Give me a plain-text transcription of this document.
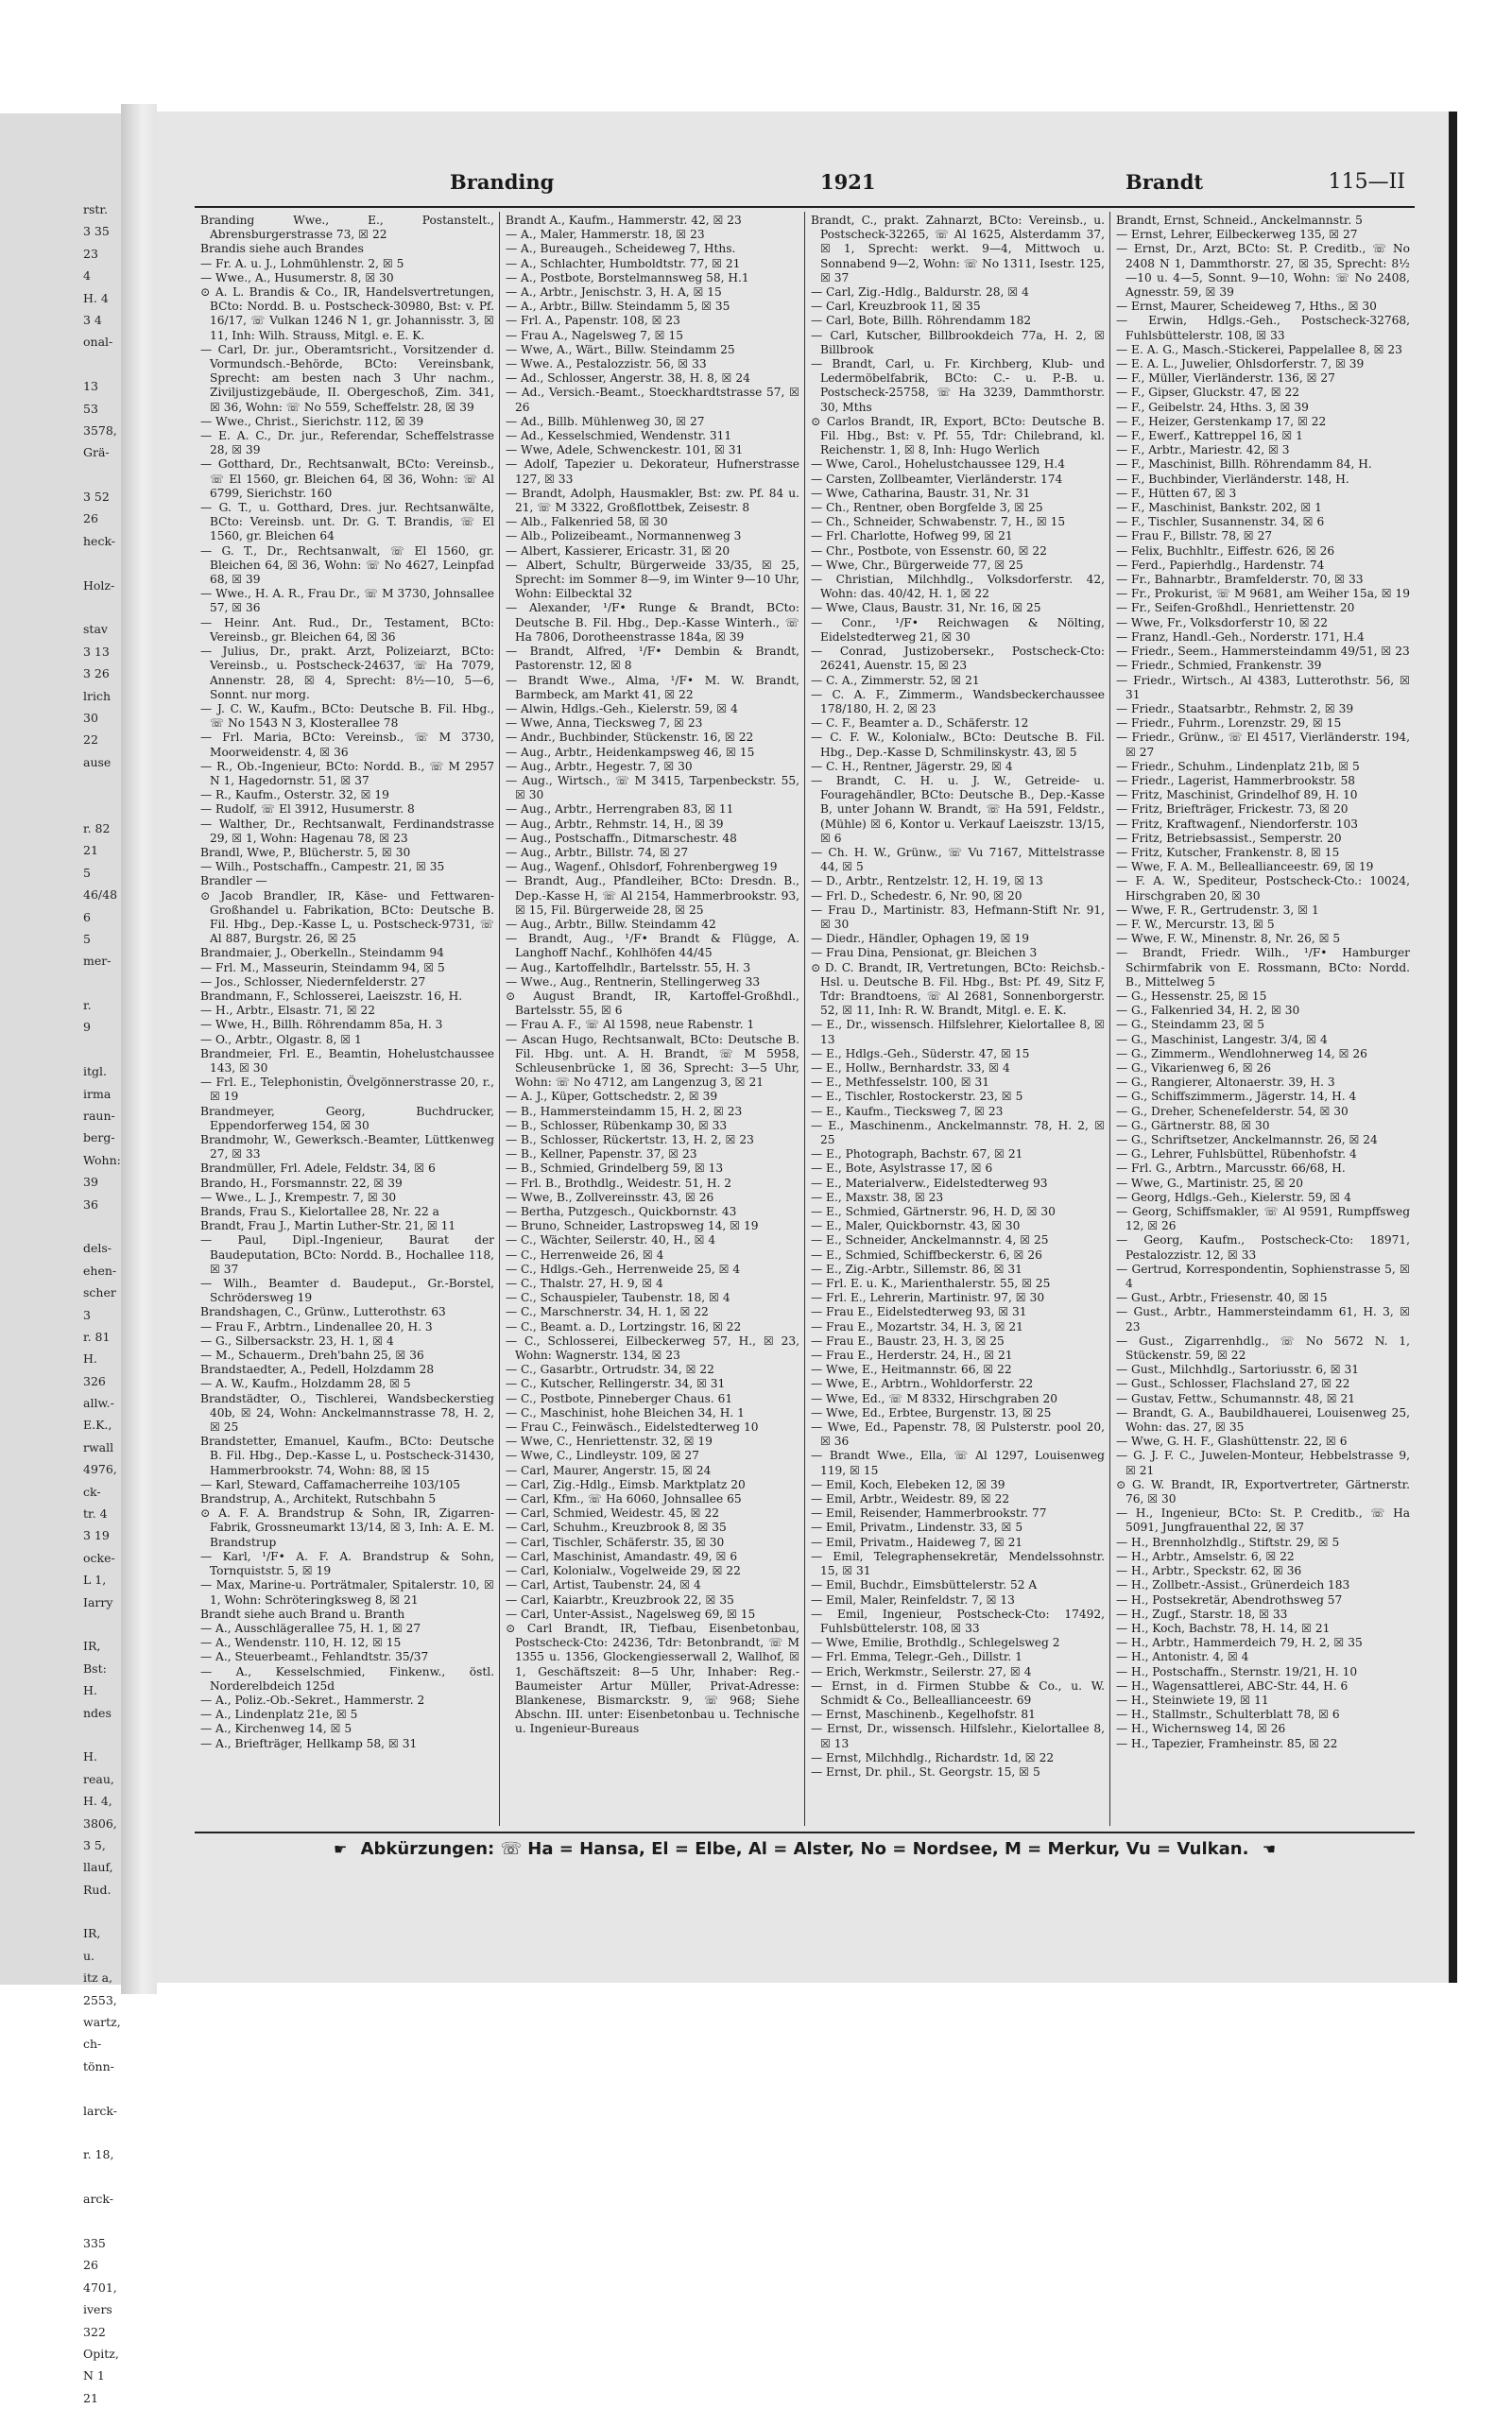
rstr.
3 35
23
4
H. 4
3 4
onal-
13
53
3578,
Grä-
3 52
26
heck-
Holz-
stav
3 13
3 26
lrich
30
22
ause
r. 82
21
5
46/48
6
5
mer-
r.
9
itgl.
irma
raun-
berg-
Wohn:
39
36
dels-
ehen-
scher
3
r. 81
H.
326
allw.-
E.K.,
rwall
4976,
ck-
tr. 4
3 19
ocke-
L 1,
Iarry
IR,
Bst:
H.
ndes
H.
reau,
H. 4,
3806,
3 5,
llauf,
Rud.
IR,
u.
itz a,
2553,
wartz,
ch-
tönn-
larck-
r. 18,
arck-
335
26
4701,
ivers
322
Opitz,
N 1
21
Branding	1921	Brandt	115—II

Branding Wwe., E., Postanstelt., Abrensburgerstrasse 73, ☒ 22

Brandis siehe auch Brandes

— Fr. A. u. J., Lohmühlenstr. 2, ☒ 5

— Wwe., A., Husumerstr. 8, ☒ 30

⊙ A. L. Brandis & Co., IR, Handelsvertretungen, BCto: Nordd. B. u. Postscheck-30980, Bst: v. Pf. 16/17, ☏ Vulkan 1246 N 1, gr. Johannisstr. 3, ☒ 11, Inh: Wilh. Strauss, Mitgl. e. E. K.

— Carl, Dr. jur., Oberamtsricht., Vorsitzender d. Vormundsch.-Behörde, BCto: Vereinsbank, Sprecht: am besten nach 3 Uhr nachm., Ziviljustizgebäude, II. Obergeschoß, Zim. 341, ☒ 36, Wohn: ☏ No 559, Scheffelstr. 28, ☒ 39

— Wwe., Christ., Sierichstr. 112, ☒ 39

— E. A. C., Dr. jur., Referendar, Scheffelstrasse 28, ☒ 39

— Gotthard, Dr., Rechtsanwalt, BCto: Vereinsb., ☏ El 1560, gr. Bleichen 64, ☒ 36, Wohn: ☏ Al 6799, Sierichstr. 160

— G. T., u. Gotthard, Dres. jur. Rechtsanwälte, BCto: Vereinsb. unt. Dr. G. T. Brandis, ☏ El 1560, gr. Bleichen 64

— G. T., Dr., Rechtsanwalt, ☏ El 1560, gr. Bleichen 64, ☒ 36, Wohn: ☏ No 4627, Leinpfad 68, ☒ 39

— Wwe., H. A. R., Frau Dr., ☏ M 3730, Johnsallee 57, ☒ 36

— Heinr. Ant. Rud., Dr., Testament, BCto: Vereinsb., gr. Bleichen 64, ☒ 36

— Julius, Dr., prakt. Arzt, Polizeiarzt, BCto: Vereinsb., u. Postscheck-24637, ☏ Ha 7079, Annenstr. 28, ☒ 4, Sprecht: 8½—10, 5—6, Sonnt. nur morg.

— J. C. W., Kaufm., BCto: Deutsche B. Fil. Hbg., ☏ No 1543 N 3, Klosterallee 78

— Frl. Maria, BCto: Vereinsb., ☏ M 3730, Moorweidenstr. 4, ☒ 36

— R., Ob.-Ingenieur, BCto: Nordd. B., ☏ M 2957 N 1, Hagedornstr. 51, ☒ 37

— R., Kaufm., Osterstr. 32, ☒ 19

— Rudolf, ☏ El 3912, Husumerstr. 8

— Walther, Dr., Rechtsanwalt, Ferdinandstrasse 29, ☒ 1, Wohn: Hagenau 78, ☒ 23

Brandl, Wwe, P., Blücherstr. 5, ☒ 30

— Wilh., Postschaffn., Campestr. 21, ☒ 35

Brandler —

⊙ Jacob Brandler, IR, Käse- und Fettwaren-Großhandel u. Fabrikation, BCto: Deutsche B. Fil. Hbg., Dep.-Kasse L, u. Postscheck-9731, ☏ Al 887, Burgstr. 26, ☒ 25

Brandmaier, J., Oberkelln., Steindamm 94

— Frl. M., Masseurin, Steindamm 94, ☒ 5

— Jos., Schlosser, Niedernfelderstr. 27

Brandmann, F., Schlosserei, Laeiszstr. 16, H.

— H., Arbtr., Elsastr. 71, ☒ 22

— Wwe, H., Billh. Röhrendamm 85a, H. 3

— O., Arbtr., Olgastr. 8, ☒ 1

Brandmeier, Frl. E., Beamtin, Hohelustchaussee 143, ☒ 30

— Frl. E., Telephonistin, Övelgönnerstrasse 20, r., ☒ 19

Brandmeyer, Georg, Buchdrucker, Eppendorferweg 154, ☒ 30

Brandmohr, W., Gewerksch.-Beamter, Lüttkenweg 27, ☒ 33

Brandmüller, Frl. Adele, Feldstr. 34, ☒ 6

Brando, H., Forsmannstr. 22, ☒ 39

— Wwe., L. J., Krempestr. 7, ☒ 30

Brands, Frau S., Kielortallee 28, Nr. 22 a

Brandt, Frau J., Martin Luther-Str. 21, ☒ 11

— Paul, Dipl.-Ingenieur, Baurat der Baudeputation, BCto: Nordd. B., Hochallee 118, ☒ 37

— Wilh., Beamter d. Baudeput., Gr.-Borstel, Schrödersweg 19

Brandshagen, C., Grünw., Lutterothstr. 63

— Frau F., Arbtrn., Lindenallee 20, H. 3

— G., Silbersackstr. 23, H. 1, ☒ 4

— M., Schauerm., Dreh'bahn 25, ☒ 36

Brandstaedter, A., Pedell, Holzdamm 28

— A. W., Kaufm., Holzdamm 28, ☒ 5

Brandstädter, O., Tischlerei, Wandsbeckerstieg 40b, ☒ 24, Wohn: Anckelmannstrasse 78, H. 2, ☒ 25

Brandstetter, Emanuel, Kaufm., BCto: Deutsche B. Fil. Hbg., Dep.-Kasse L, u. Postscheck-31430, Hammerbrookstr. 74, Wohn: 88, ☒ 15

— Karl, Steward, Caffamacherreihe 103/105

Brandstrup, A., Architekt, Rutschbahn 5

⊙ A. F. A. Brandstrup & Sohn, IR, Zigarren-Fabrik, Grossneumarkt 13/14, ☒ 3, Inh: A. E. M. Brandstrup

— Karl, ¹/F• A. F. A. Brandstrup & Sohn, Tornquiststr. 5, ☒ 19

— Max, Marine-u. Porträtmaler, Spitalerstr. 10, ☒ 1, Wohn: Schröteringksweg 8, ☒ 21

Brandt siehe auch Brand u. Branth

— A., Ausschlägerallee 75, H. 1, ☒ 27

— A., Wendenstr. 110, H. 12, ☒ 15

— A., Steuerbeamt., Fehlandtstr. 35/37

— A., Kesselschmied, Finkenw., östl. Norderelbdeich 125d

— A., Poliz.-Ob.-Sekret., Hammerstr. 2

— A., Lindenplatz 21e, ☒ 5

— A., Kirchenweg 14, ☒ 5

— A., Briefträger, Hellkamp 58, ☒ 31

Brandt A., Kaufm., Hammerstr. 42, ☒ 23

— A., Maler, Hammerstr. 18, ☒ 23

— A., Bureaugeh., Scheideweg 7, Hths.

— A., Schlachter, Humboldtstr. 77, ☒ 21

— A., Postbote, Borstelmannsweg 58, H.1

— A., Arbtr., Jenischstr. 3, H. A, ☒ 15

— A., Arbtr., Billw. Steindamm 5, ☒ 35

— Frl. A., Papenstr. 108, ☒ 23

— Frau A., Nagelsweg 7, ☒ 15

— Wwe, A., Wärt., Billw. Steindamm 25

— Wwe. A., Pestalozzistr. 56, ☒ 33

— Ad., Schlosser, Angerstr. 38, H. 8, ☒ 24

— Ad., Versich.-Beamt., Stoeckhardtstrasse 57, ☒ 26

— Ad., Billb. Mühlenweg 30, ☒ 27

— Ad., Kesselschmied, Wendenstr. 311

— Wwe, Adele, Schwenckestr. 101, ☒ 31

— Adolf, Tapezier u. Dekorateur, Hufnerstrasse 127, ☒ 33

— Brandt, Adolph, Hausmakler, Bst: zw. Pf. 84 u. 21, ☏ M 3322, Großflottbek, Zeisestr. 8

— Alb., Falkenried 58, ☒ 30

— Alb., Polizeibeamt., Normannenweg 3

— Albert, Kassierer, Ericastr. 31, ☒ 20

— Albert, Schultr, Bürgerweide 33/35, ☒ 25, Sprecht: im Sommer 8—9, im Winter 9—10 Uhr, Wohn: Eilbecktal 32

— Alexander, ¹/F• Runge & Brandt, BCto: Deutsche B. Fil. Hbg., Dep.-Kasse Winterh., ☏ Ha 7806, Dorotheenstrasse 184a, ☒ 39

— Brandt, Alfred, ¹/F• Dembin & Brandt, Pastorenstr. 12, ☒ 8

— Brandt Wwe., Alma, ¹/F• M. W. Brandt, Barmbeck, am Markt 41, ☒ 22

— Alwin, Hdlgs.-Geh., Kielerstr. 59, ☒ 4

— Wwe, Anna, Tiecksweg 7, ☒ 23

— Andr., Buchbinder, Stückenstr. 16, ☒ 22

— Aug., Arbtr., Heidenkampsweg 46, ☒ 15

— Aug., Arbtr., Hegestr. 7, ☒ 30

— Aug., Wirtsch., ☏ M 3415, Tarpenbeckstr. 55, ☒ 30

— Aug., Arbtr., Herrengraben 83, ☒ 11

— Aug., Arbtr., Rehmstr. 14, H., ☒ 39

— Aug., Postschaffn., Ditmarschestr. 48

— Aug., Arbtr., Billstr. 74, ☒ 27

— Aug., Wagenf., Ohlsdorf, Fohrenbergweg 19

— Brandt, Aug., Pfandleiher, BCto: Dresdn. B., Dep.-Kasse H, ☏ Al 2154, Hammerbrookstr. 93, ☒ 15, Fil. Bürgerweide 28, ☒ 25

— Aug., Arbtr., Billw. Steindamm 42

— Brandt, Aug., ¹/F• Brandt & Flügge, A. Langhoff Nachf., Kohlhöfen 44/45

— Aug., Kartoffelhdlr., Bartelsstr. 55, H. 3

— Wwe., Aug., Rentnerin, Stellingerweg 33

⊙ August Brandt, IR, Kartoffel-Großhdl., Bartelsstr. 55, ☒ 6

— Frau A. F., ☏ Al 1598, neue Rabenstr. 1

— Ascan Hugo, Rechtsanwalt, BCto: Deutsche B. Fil. Hbg. unt. A. H. Brandt, ☏ M 5958, Schleusenbrücke 1, ☒ 36, Sprecht: 3—5 Uhr, Wohn: ☏ No 4712, am Langenzug 3, ☒ 21

— A. J., Küper, Gottschedstr. 2, ☒ 39

— B., Hammersteindamm 15, H. 2, ☒ 23

— B., Schlosser, Rübenkamp 30, ☒ 33

— B., Schlosser, Rückertstr. 13, H. 2, ☒ 23

— B., Kellner, Papenstr. 37, ☒ 23

— B., Schmied, Grindelberg 59, ☒ 13

— Frl. B., Brothdlg., Weidestr. 51, H. 2

— Wwe, B., Zollvereinsstr. 43, ☒ 26

— Bertha, Putzgesch., Quickbornstr. 43

— Bruno, Schneider, Lastropsweg 14, ☒ 19

— C., Wächter, Seilerstr. 40, H., ☒ 4

— C., Herrenweide 26, ☒ 4

— C., Hdlgs.-Geh., Herrenweide 25, ☒ 4

— C., Thalstr. 27, H. 9, ☒ 4

— C., Schauspieler, Taubenstr. 18, ☒ 4

— C., Marschnerstr. 34, H. 1, ☒ 22

— C., Beamt. a. D., Lortzingstr. 16, ☒ 22

— C., Schlosserei, Eilbeckerweg 57, H., ☒ 23, Wohn: Wagnerstr. 134, ☒ 23

— C., Gasarbtr., Ortrudstr. 34, ☒ 22

— C., Kutscher, Rellingerstr. 34, ☒ 31

— C., Postbote, Pinneberger Chaus. 61

— C., Maschinist, hohe Bleichen 34, H. 1

— Frau C., Feinwäsch., Eidelstedterweg 10

— Wwe, C., Henriettenstr. 32, ☒ 19

— Wwe, C., Lindleystr. 109, ☒ 27

— Carl, Maurer, Angerstr. 15, ☒ 24

— Carl, Zig.-Hdlg., Eimsb. Marktplatz 20

— Carl, Kfm., ☏ Ha 6060, Johnsallee 65

— Carl, Schmied, Weidestr. 45, ☒ 22

— Carl, Schuhm., Kreuzbrook 8, ☒ 35

— Carl, Tischler, Schäferstr. 35, ☒ 30

— Carl, Maschinist, Amandastr. 49, ☒ 6

— Carl, Kolonialw., Vogelweide 29, ☒ 22

— Carl, Artist, Taubenstr. 24, ☒ 4

— Carl, Kaiarbtr., Kreuzbrook 22, ☒ 35

— Carl, Unter-Assist., Nagelsweg 69, ☒ 15

⊙ Carl Brandt, IR, Tiefbau, Eisenbetonbau, Postscheck-Cto: 24236, Tdr: Betonbrandt, ☏ M 1355 u. 1356, Glockengiesserwall 2, Wallhof, ☒ 1, Geschäftszeit: 8—5 Uhr, Inhaber: Reg.-Baumeister Artur Müller, Privat-Adresse: Blankenese, Bismarckstr. 9, ☏ 968; Siehe Abschn. III. unter: Eisenbetonbau u. Technische u. Ingenieur-Bureaus

Brandt, C., prakt. Zahnarzt, BCto: Vereinsb., u. Postscheck-32265, ☏ Al 1625, Alsterdamm 37, ☒ 1, Sprecht: werkt. 9—4, Mittwoch u. Sonnabend 9—2, Wohn: ☏ No 1311, Isestr. 125, ☒ 37

— Carl, Zig.-Hdlg., Baldurstr. 28, ☒ 4

— Carl, Kreuzbrook 11, ☒ 35

— Carl, Bote, Billh. Röhrendamm 182

— Carl, Kutscher, Billbrookdeich 77a, H. 2, ☒ Billbrook

— Brandt, Carl, u. Fr. Kirchberg, Klub- und Ledermöbelfabrik, BCto: C.- u. P.-B. u. Postscheck-25758, ☏ Ha 3239, Dammthorstr. 30, Mths

⊙ Carlos Brandt, IR, Export, BCto: Deutsche B. Fil. Hbg., Bst: v. Pf. 55, Tdr: Chilebrand, kl. Reichenstr. 1, ☒ 8, Inh: Hugo Werlich

— Wwe, Carol., Hohelustchaussee 129, H.4

— Carsten, Zollbeamter, Vierländerstr. 174

— Wwe, Catharina, Baustr. 31, Nr. 31

— Ch., Rentner, oben Borgfelde 3, ☒ 25

— Ch., Schneider, Schwabenstr. 7, H., ☒ 15

— Frl. Charlotte, Hofweg 99, ☒ 21

— Chr., Postbote, von Essenstr. 60, ☒ 22

— Wwe, Chr., Bürgerweide 77, ☒ 25

— Christian, Milchhdlg., Volksdorferstr. 42, Wohn: das. 40/42, H. 1, ☒ 22

— Wwe, Claus, Baustr. 31, Nr. 16, ☒ 25

— Conr., ¹/F• Reichwagen & Nölting, Eidelstedterweg 21, ☒ 30

— Conrad, Justizobersekr., Postscheck-Cto: 26241, Auenstr. 15, ☒ 23

— C. A., Zimmerstr. 52, ☒ 21

— C. A. F., Zimmerm., Wandsbeckerchaussee 178/180, H. 2, ☒ 23

— C. F., Beamter a. D., Schäferstr. 12

— C. F. W., Kolonialw., BCto: Deutsche B. Fil. Hbg., Dep.-Kasse D, Schmilinskystr. 43, ☒ 5

— C. H., Rentner, Jägerstr. 29, ☒ 4

— Brandt, C. H. u. J. W., Getreide- u. Fouragehändler, BCto: Deutsche B., Dep.-Kasse B, unter Johann W. Brandt, ☏ Ha 591, Feldstr., (Mühle) ☒ 6, Kontor u. Verkauf Laeiszstr. 13/15, ☒ 6

— Ch. H. W., Grünw., ☏ Vu 7167, Mittelstrasse 44, ☒ 5

— D., Arbtr., Rentzelstr. 12, H. 19, ☒ 13

— Frl. D., Schedestr. 6, Nr. 90, ☒ 20

— Frau D., Martinistr. 83, Hefmann-Stift Nr. 91, ☒ 30

— Diedr., Händler, Ophagen 19, ☒ 19

— Frau Dina, Pensionat, gr. Bleichen 3

⊙ D. C. Brandt, IR, Vertretungen, BCto: Reichsb.-Hsl. u. Deutsche B. Fil. Hbg., Bst: Pf. 49, Sitz F, Tdr: Brandtoens, ☏ Al 2681, Sonnenborgerstr. 52, ☒ 11, Inh: R. W. Brandt, Mitgl. e. E. K.

— E., Dr., wissensch. Hilfslehrer, Kielortallee 8, ☒ 13

— E., Hdlgs.-Geh., Süderstr. 47, ☒ 15

— E., Hollw., Bernhardstr. 33, ☒ 4

— E., Methfesselstr. 100, ☒ 31

— E., Tischler, Rostockerstr. 23, ☒ 5

— E., Kaufm., Tiecksweg 7, ☒ 23

— E., Maschinenm., Anckelmannstr. 78, H. 2, ☒ 25

— E., Photograph, Bachstr. 67, ☒ 21

— E., Bote, Asylstrasse 17, ☒ 6

— E., Materialverw., Eidelstedterweg 93

— E., Maxstr. 38, ☒ 23

— E., Schmied, Gärtnerstr. 96, H. D, ☒ 30

— E., Maler, Quickbornstr. 43, ☒ 30

— E., Schneider, Anckelmannstr. 4, ☒ 25

— E., Schmied, Schiffbeckerstr. 6, ☒ 26

— E., Zig.-Arbtr., Sillemstr. 86, ☒ 31

— Frl. E. u. K., Marienthalerstr. 55, ☒ 25

— Frl. E., Lehrerin, Martinistr. 97, ☒ 30

— Frau E., Eidelstedterweg 93, ☒ 31

— Frau E., Mozartstr. 34, H. 3, ☒ 21

— Frau E., Baustr. 23, H. 3, ☒ 25

— Frau E., Herderstr. 24, H., ☒ 21

— Wwe, E., Heitmannstr. 66, ☒ 22

— Wwe, E., Arbtrn., Wohldorferstr. 22

— Wwe, Ed., ☏ M 8332, Hirschgraben 20

— Wwe, Ed., Erbtee, Burgenstr. 13, ☒ 25

— Wwe, Ed., Papenstr. 78, ☒ Pulsterstr. pool 20, ☒ 36

— Brandt Wwe., Ella, ☏ Al 1297, Louisenweg 119, ☒ 15

— Emil, Koch, Elebeken 12, ☒ 39

— Emil, Arbtr., Weidestr. 89, ☒ 22

— Emil, Reisender, Hammerbrookstr. 77

— Emil, Privatm., Lindenstr. 33, ☒ 5

— Emil, Privatm., Haideweg 7, ☒ 21

— Emil, Telegraphensekretär, Mendelssohnstr. 15, ☒ 31

— Emil, Buchdr., Eimsbüttelerstr. 52 A

— Emil, Maler, Reinfeldstr. 7, ☒ 13

— Emil, Ingenieur, Postscheck-Cto: 17492, Fuhlsbüttelerstr. 108, ☒ 33

— Wwe, Emilie, Brothdlg., Schlegelsweg 2

— Frl. Emma, Telegr.-Geh., Dillstr. 1

— Erich, Werkmstr., Seilerstr. 27, ☒ 4

— Ernst, in d. Firmen Stubbe & Co., u. W. Schmidt & Co., Belleallianceestr. 69

— Ernst, Maschinenb., Kegelhofstr. 81

— Ernst, Dr., wissensch. Hilfslehr., Kielortallee 8, ☒ 13

— Ernst, Milchhdlg., Richardstr. 1d, ☒ 22

— Ernst, Dr. phil., St. Georgstr. 15, ☒ 5

Brandt, Ernst, Schneid., Anckelmannstr. 5

— Ernst, Lehrer, Eilbeckerweg 135, ☒ 27

— Ernst, Dr., Arzt, BCto: St. P. Creditb., ☏ No 2408 N 1, Dammthorstr. 27, ☒ 35, Sprecht: 8½—10 u. 4—5, Sonnt. 9—10, Wohn: ☏ No 2408, Agnesstr. 59, ☒ 39

— Ernst, Maurer, Scheideweg 7, Hths., ☒ 30

— Erwin, Hdlgs.-Geh., Postscheck-32768, Fuhlsbüttelerstr. 108, ☒ 33

— E. A. G., Masch.-Stickerei, Pappelallee 8, ☒ 23

— E. A. L., Juwelier, Ohlsdorferstr. 7, ☒ 39

— F., Müller, Vierländerstr. 136, ☒ 27

— F., Gipser, Gluckstr. 47, ☒ 22

— F., Geibelstr. 24, Hths. 3, ☒ 39

— F., Heizer, Gerstenkamp 17, ☒ 22

— F., Ewerf., Kattreppel 16, ☒ 1

— F., Arbtr., Mariestr. 42, ☒ 3

— F., Maschinist, Billh. Röhrendamm 84, H.

— F., Buchbinder, Vierländerstr. 148, H.

— F., Hütten 67, ☒ 3

— F., Maschinist, Bankstr. 202, ☒ 1

— F., Tischler, Susannenstr. 34, ☒ 6

— Frau F., Billstr. 78, ☒ 27

— Felix, Buchhltr., Eiffestr. 626, ☒ 26

— Ferd., Papierhdlg., Hardenstr. 74

— Fr., Bahnarbtr., Bramfelderstr. 70, ☒ 33

— Fr., Prokurist, ☏ M 9681, am Weiher 15a, ☒ 19

— Fr., Seifen-Großhdl., Henriettenstr. 20

— Wwe, Fr., Volksdorferstr 10, ☒ 22

— Franz, Handl.-Geh., Norderstr. 171, H.4

— Friedr., Seem., Hammersteindamm 49/51, ☒ 23

— Friedr., Schmied, Frankenstr. 39

— Friedr., Wirtsch., Al 4383, Lutterothstr. 56, ☒ 31

— Friedr., Staatsarbtr., Rehmstr. 2, ☒ 39

— Friedr., Fuhrm., Lorenzstr. 29, ☒ 15

— Friedr., Grünw., ☏ El 4517, Vierländerstr. 194, ☒ 27

— Friedr., Schuhm., Lindenplatz 21b, ☒ 5

— Friedr., Lagerist, Hammerbrookstr. 58

— Fritz, Maschinist, Grindelhof 89, H. 10

— Fritz, Briefträger, Frickestr. 73, ☒ 20

— Fritz, Kraftwagenf., Niendorferstr. 103

— Fritz, Betriebsassist., Semperstr. 20

— Fritz, Kutscher, Frankenstr. 8, ☒ 15

— Wwe, F. A. M., Belleallianceestr. 69, ☒ 19

— F. A. W., Spediteur, Postscheck-Cto.: 10024, Hirschgraben 20, ☒ 30

— Wwe, F. R., Gertrudenstr. 3, ☒ 1

— F. W., Mercurstr. 13, ☒ 5

— Wwe, F. W., Minenstr. 8, Nr. 26, ☒ 5

— Brandt, Friedr. Wilh., ¹/F• Hamburger Schirmfabrik von E. Rossmann, BCto: Nordd. B., Mittelweg 5

— G., Hessenstr. 25, ☒ 15

— G., Falkenried 34, H. 2, ☒ 30

— G., Steindamm 23, ☒ 5

— G., Maschinist, Langestr. 3/4, ☒ 4

— G., Zimmerm., Wendlohnerweg 14, ☒ 26

— G., Vikarienweg 6, ☒ 26

— G., Rangierer, Altonaerstr. 39, H. 3

— G., Schiffszimmerm., Jägerstr. 14, H. 4

— G., Dreher, Schenefelderstr. 54, ☒ 30

— G., Gärtnerstr. 88, ☒ 30

— G., Schriftsetzer, Anckelmannstr. 26, ☒ 24

— G., Lehrer, Fuhlsbüttel, Rübenhofstr. 4

— Frl. G., Arbtrn., Marcusstr. 66/68, H.

— Wwe, G., Martinistr. 25, ☒ 20

— Georg, Hdlgs.-Geh., Kielerstr. 59, ☒ 4

— Georg, Schiffsmakler, ☏ Al 9591, Rumpffsweg 12, ☒ 26

— Georg, Kaufm., Postscheck-Cto: 18971, Pestalozzistr. 12, ☒ 33

— Gertrud, Korrespondentin, Sophienstrasse 5, ☒ 4

— Gust., Arbtr., Friesenstr. 40, ☒ 15

— Gust., Arbtr., Hammersteindamm 61, H. 3, ☒ 23

— Gust., Zigarrenhdlg., ☏ No 5672 N. 1, Stückenstr. 59, ☒ 22

— Gust., Milchhdlg., Sartoriusstr. 6, ☒ 31

— Gust., Schlosser, Flachsland 27, ☒ 22

— Gustav, Fettw., Schumannstr. 48, ☒ 21

— Brandt, G. A., Baubildhauerei, Louisenweg 25, Wohn: das. 27, ☒ 35

— Wwe, G. H. F., Glashüttenstr. 22, ☒ 6

— G. J. F. C., Juwelen-Monteur, Hebbelstrasse 9, ☒ 21

⊙ G. W. Brandt, IR, Exportvertreter, Gärtnerstr. 76, ☒ 30

— H., Ingenieur, BCto: St. P. Creditb., ☏ Ha 5091, Jungfrauenthal 22, ☒ 37

— H., Brennholzhdlg., Stiftstr. 29, ☒ 5

— H., Arbtr., Amselstr. 6, ☒ 22

— H., Arbtr., Speckstr. 62, ☒ 36

— H., Zollbetr.-Assist., Grünerdeich 183

— H., Postsekretär, Abendrothsweg 57

— H., Zugf., Starstr. 18, ☒ 33

— H., Koch, Bachstr. 78, H. 14, ☒ 21

— H., Arbtr., Hammerdeich 79, H. 2, ☒ 35

— H., Antonistr. 4, ☒ 4

— H., Postschaffn., Sternstr. 19/21, H. 10

— H., Wagensattlerei, ABC-Str. 44, H. 6

— H., Steinwiete 19, ☒ 11

— H., Stallmstr., Schulterblatt 78, ☒ 6

— H., Wichernsweg 14, ☒ 26

— H., Tapezier, Framheinstr. 85, ☒ 22

☛ Abkürzungen: ☏ Ha = Hansa, El = Elbe, Al = Alster, No = Nordsee, M = Merkur, Vu = Vulkan. ☚
